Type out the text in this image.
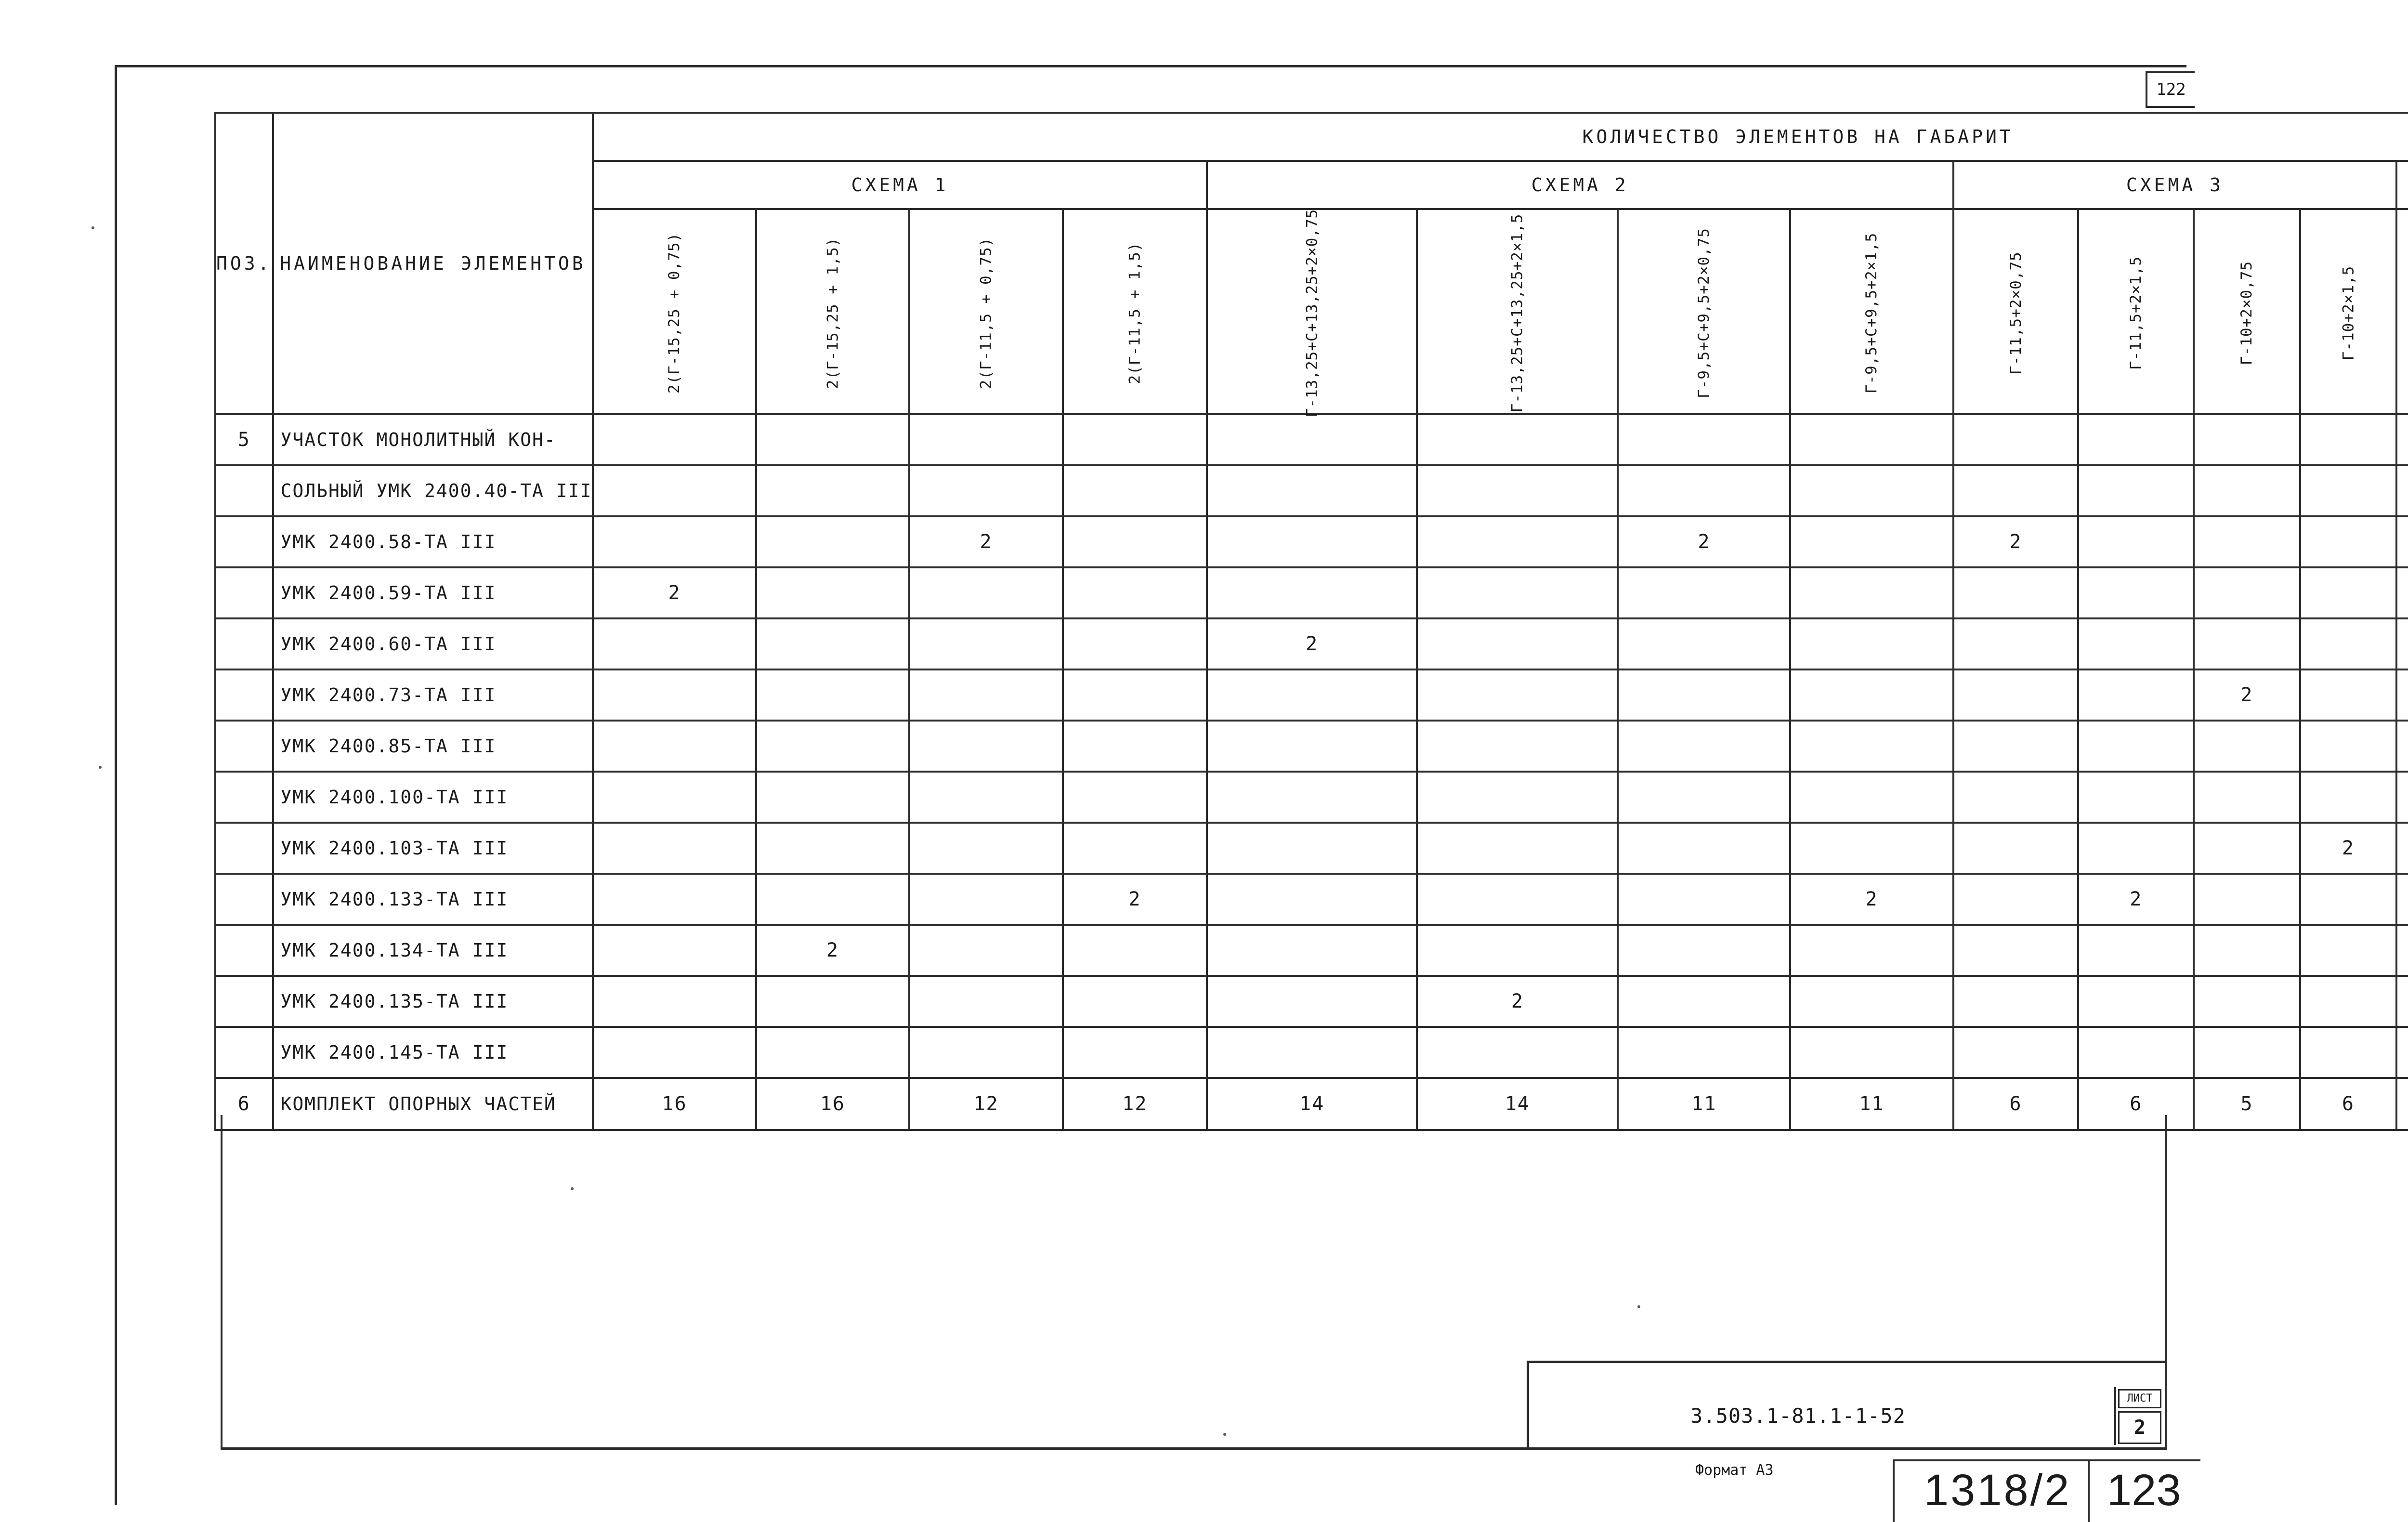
122
ПОЗ.	НАИМЕНОВАНИЕ ЭЛЕМЕНТОВ	КОЛИЧЕСТВО ЭЛЕМЕНТОВ НА ГАБАРИТ		
		СХЕМА 1				СХЕМА 2				СХЕМА 3	
		2(Г-15,25 + 0,75)	2(Г-15,25 + 1,5)	2(Г-11,5 + 0,75)	2(Г-11,5 + 1,5)	Г-13,25+С+13,25+2×0,75	Г-13,25+С+13,25+2×1,5	Г-9,5+С+9,5+2×0,75	Г-9,5+С+9,5+2×1,5	Г-11,5+2×0,75	Г-11,5+2×1,5	Г-10+2×0,75	Г-10+2×1,5								
5	УЧАСТОК МОНОЛИТНЫЙ КОН-																					
	СОЛЬНЫЙ УМК 2400.40-ТА III																		
	УМК 2400.58-ТА III			2				2		2									
	УМК 2400.59-ТА III	2																	
	УМК 2400.60-ТА III					2													
	УМК 2400.73-ТА III											2							
	УМК 2400.85-ТА III																		
	УМК 2400.100-ТА III																		
	УМК 2400.103-ТА III												2						
	УМК 2400.133-ТА III				2				2		2								
	УМК 2400.134-ТА III		2																
	УМК 2400.135-ТА III						2												
	УМК 2400.145-ТА III																		
6	КОМПЛЕКТ ОПОРНЫХ ЧАСТЕЙ	16	16	12	12	14	14	11	11	6	6	5	6									
3.503.1-81.1-1-52
ЛИСТ
2
Формат А3	1318/2 123
